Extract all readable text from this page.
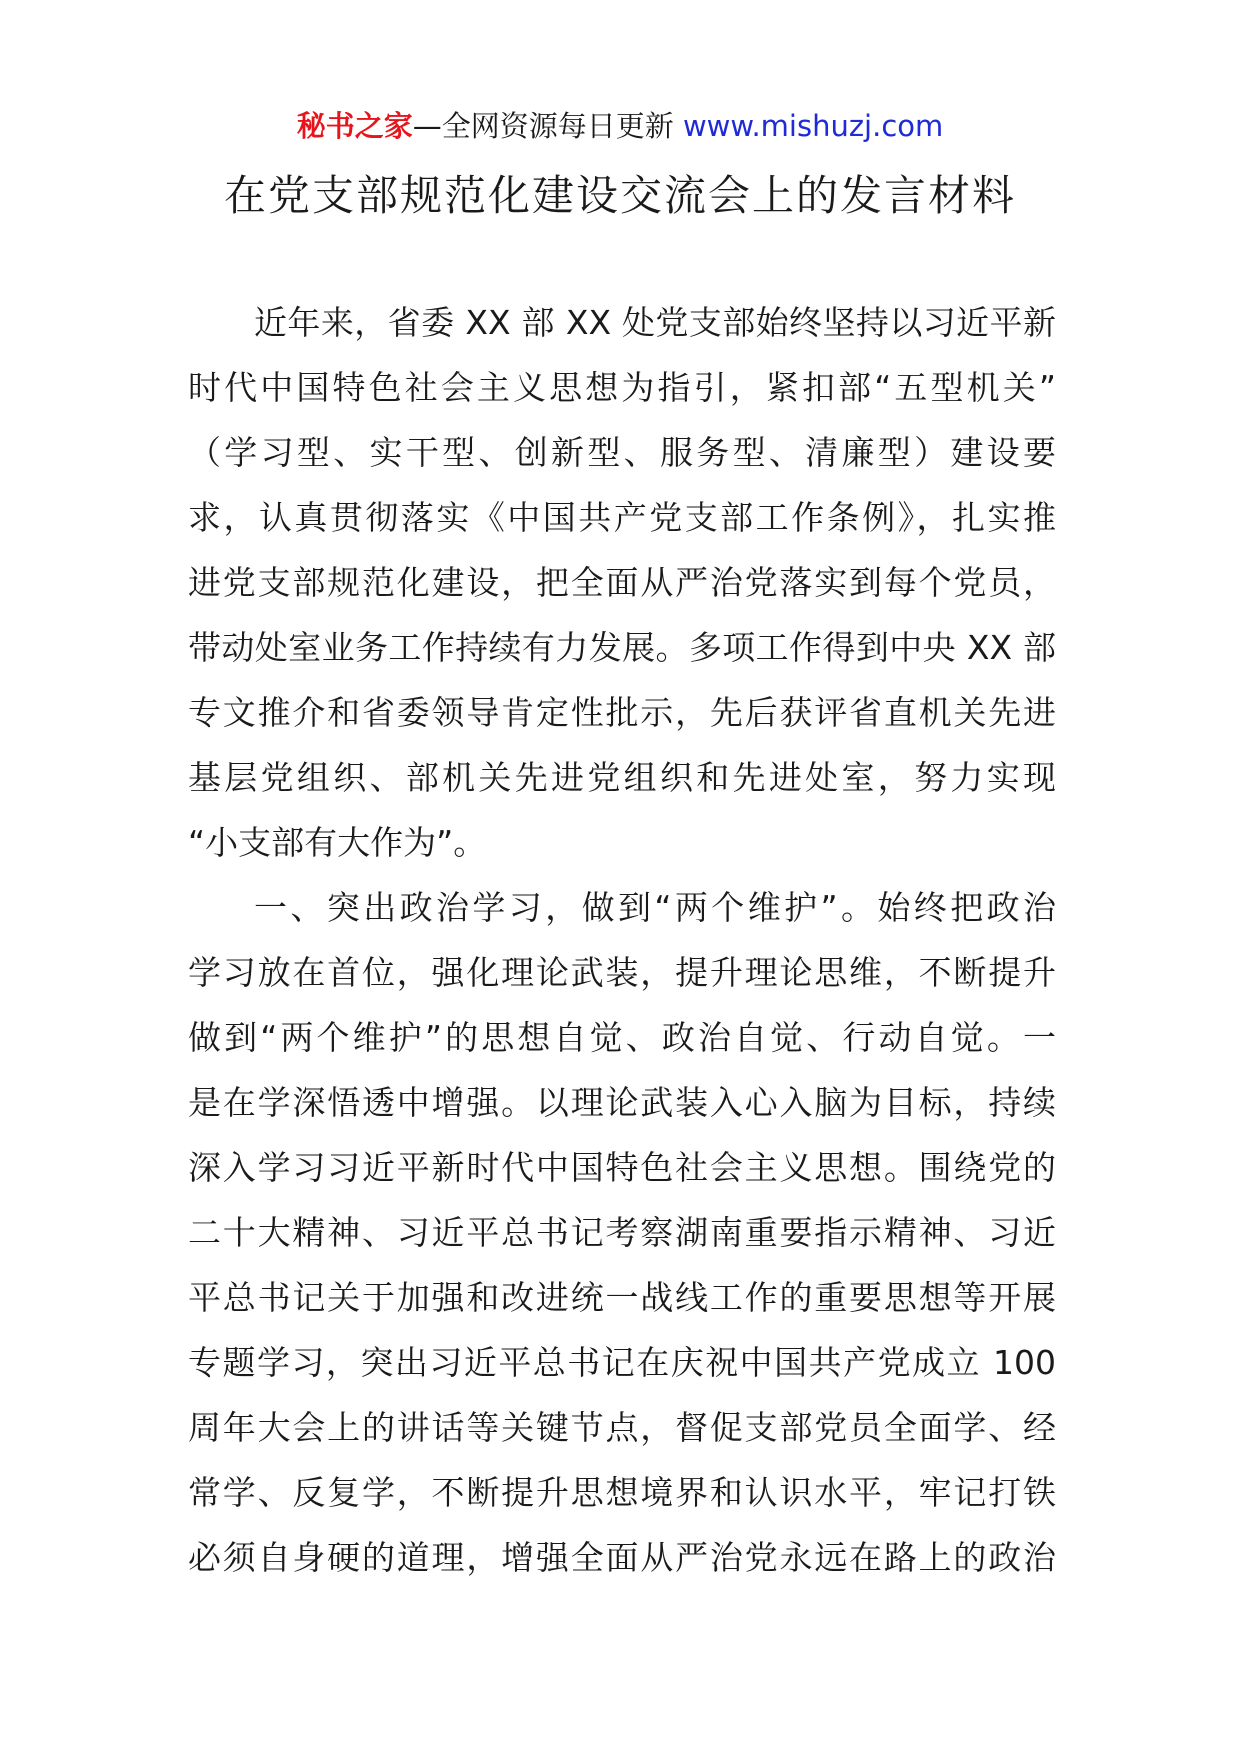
秘书之家—全网资源每日更新 www.mishuzj.com
在党支部规范化建设交流会上的发言材料
近年来，省委 XX 部 XX 处党支部始终坚持以习近平新
时代中国特色社会主义思想为指引，紧扣部“五型机关”
（学习型、实干型、创新型、服务型、清廉型）建设要
求，认真贯彻落实《中国共产党支部工作条例》，扎实推
进党支部规范化建设，把全面从严治党落实到每个党员，
带动处室业务工作持续有力发展。多项工作得到中央 XX 部
专文推介和省委领导肯定性批示，先后获评省直机关先进
基层党组织、部机关先进党组织和先进处室，努力实现
“小支部有大作为”。
一、突出政治学习，做到“两个维护”。始终把政治
学习放在首位，强化理论武装，提升理论思维，不断提升
做到“两个维护”的思想自觉、政治自觉、行动自觉。一
是在学深悟透中增强。以理论武装入心入脑为目标，持续
深入学习习近平新时代中国特色社会主义思想。围绕党的
二十大精神、习近平总书记考察湖南重要指示精神、习近
平总书记关于加强和改进统一战线工作的重要思想等开展
专题学习，突出习近平总书记在庆祝中国共产党成立 100
周年大会上的讲话等关键节点，督促支部党员全面学、经
常学、反复学，不断提升思想境界和认识水平，牢记打铁
必须自身硬的道理，增强全面从严治党永远在路上的政治
